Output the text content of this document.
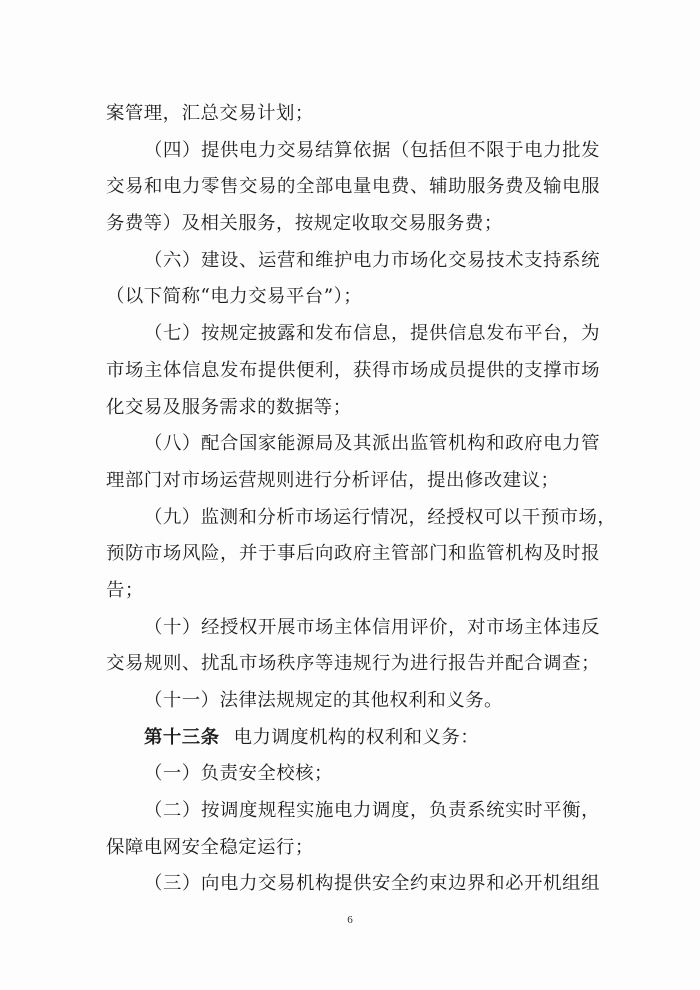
案管理，汇总交易计划；
（四）提供电力交易结算依据（包括但不限于电力批发
交易和电力零售交易的全部电量电费、辅助服务费及输电服
务费等）及相关服务，按规定收取交易服务费；
（六）建设、运营和维护电力市场化交易技术支持系统
（以下简称“电力交易平台”）；
（七）按规定披露和发布信息，提供信息发布平台，为
市场主体信息发布提供便利，获得市场成员提供的支撑市场
化交易及服务需求的数据等；
（八）配合国家能源局及其派出监管机构和政府电力管
理部门对市场运营规则进行分析评估，提出修改建议；
（九）监测和分析市场运行情况，经授权可以干预市场，
预防市场风险，并于事后向政府主管部门和监管机构及时报
告；
（十）经授权开展市场主体信用评价，对市场主体违反
交易规则、扰乱市场秩序等违规行为进行报告并配合调查；
（十一）法律法规规定的其他权利和义务。
第十三条 电力调度机构的权利和义务：
（一）负责安全校核；
（二）按调度规程实施电力调度，负责系统实时平衡，
保障电网安全稳定运行；
（三）向电力交易机构提供安全约束边界和必开机组组
6
